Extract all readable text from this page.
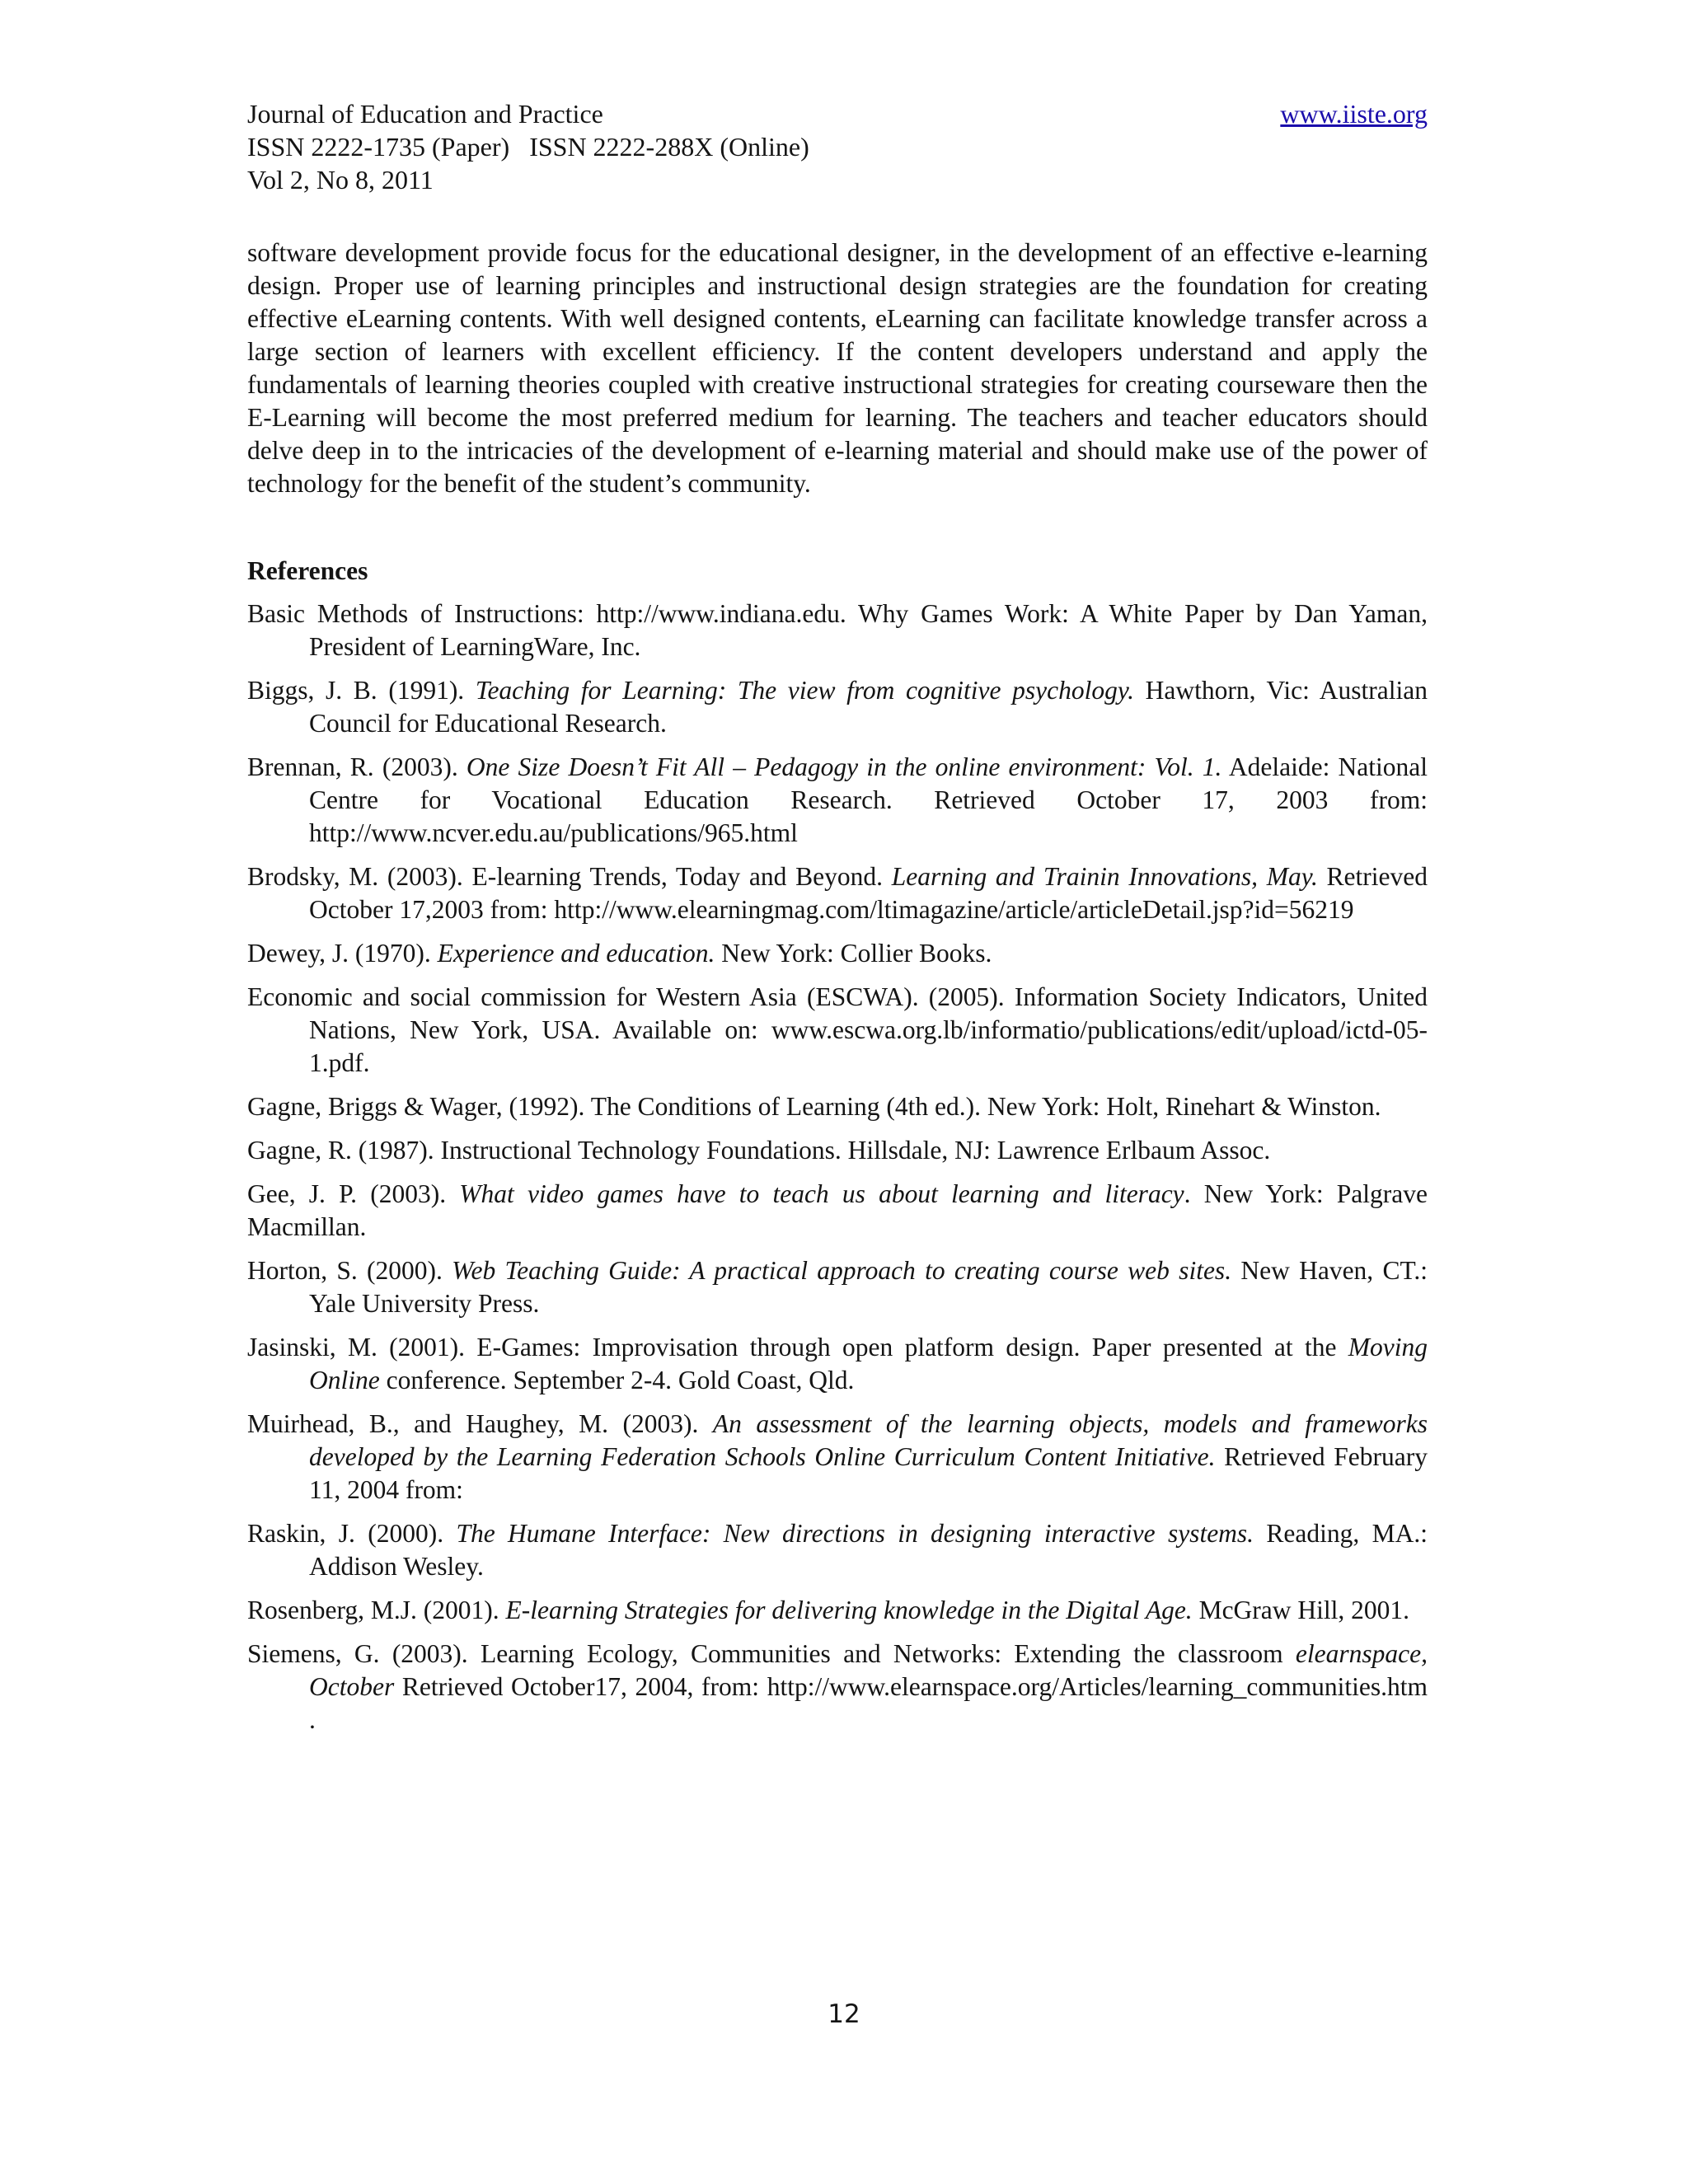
Journal of Education and Practice
ISSN 2222-1735 (Paper)   ISSN 2222-288X (Online)
Vol 2, No 8, 2011
www.iiste.org

software development provide focus for the educational designer, in the development of an effective e-learning design. Proper use of learning principles and instructional design strategies are the foundation for creating effective eLearning contents. With well designed contents, eLearning can facilitate knowledge transfer across a large section of learners with excellent efficiency. If the content developers understand and apply the fundamentals of learning theories coupled with creative instructional strategies for creating courseware then the E-Learning will become the most preferred medium for learning. The teachers and teacher educators should delve deep in to the intricacies of the development of e-learning material and should make use of the power of technology for the benefit of the student’s community.

References

Basic Methods of Instructions: http://www.indiana.edu. Why Games Work: A White Paper by Dan Yaman, President of LearningWare, Inc.

Biggs, J. B. (1991). Teaching for Learning: The view from cognitive psychology. Hawthorn, Vic: Australian Council for Educational Research.

Brennan, R. (2003). One Size Doesn’t Fit All – Pedagogy in the online environment: Vol. 1. Adelaide: National Centre for Vocational Education Research. Retrieved October 17, 2003 from: http://www.ncver.edu.au/publications/965.html

Brodsky, M. (2003). E-learning Trends, Today and Beyond. Learning and Trainin Innovations, May. Retrieved October 17,2003 from: http://www.elearningmag.com/ltimagazine/article/articleDetail.jsp?id=56219

Dewey, J. (1970). Experience and education. New York: Collier Books.

Economic and social commission for Western Asia (ESCWA). (2005). Information Society Indicators, United Nations, New York, USA. Available on: www.escwa.org.lb/informatio/publications/edit/upload/ictd-05-1.pdf.

Gagne, Briggs & Wager, (1992). The Conditions of Learning (4th ed.). New York: Holt, Rinehart & Winston.

Gagne, R. (1987). Instructional Technology Foundations. Hillsdale, NJ: Lawrence Erlbaum Assoc.

Gee, J. P. (2003). What video games have to teach us about learning and literacy. New York: Palgrave Macmillan.

Horton, S. (2000). Web Teaching Guide: A practical approach to creating course web sites. New Haven, CT.: Yale University Press.

Jasinski, M. (2001). E-Games: Improvisation through open platform design. Paper presented at the Moving Online conference. September 2-4. Gold Coast, Qld.

Muirhead, B., and Haughey, M. (2003). An assessment of the learning objects, models and frameworks developed by the Learning Federation Schools Online Curriculum Content Initiative. Retrieved February 11, 2004 from:

Raskin, J. (2000). The Humane Interface: New directions in designing interactive systems. Reading, MA.: Addison Wesley.

Rosenberg, M.J. (2001). E-learning Strategies for delivering knowledge in the Digital Age. McGraw Hill, 2001.

Siemens, G. (2003). Learning Ecology, Communities and Networks: Extending the classroom elearnspace, October Retrieved October17, 2004, from: http://www.elearnspace.org/Articles/learning_communities.htm .

12
